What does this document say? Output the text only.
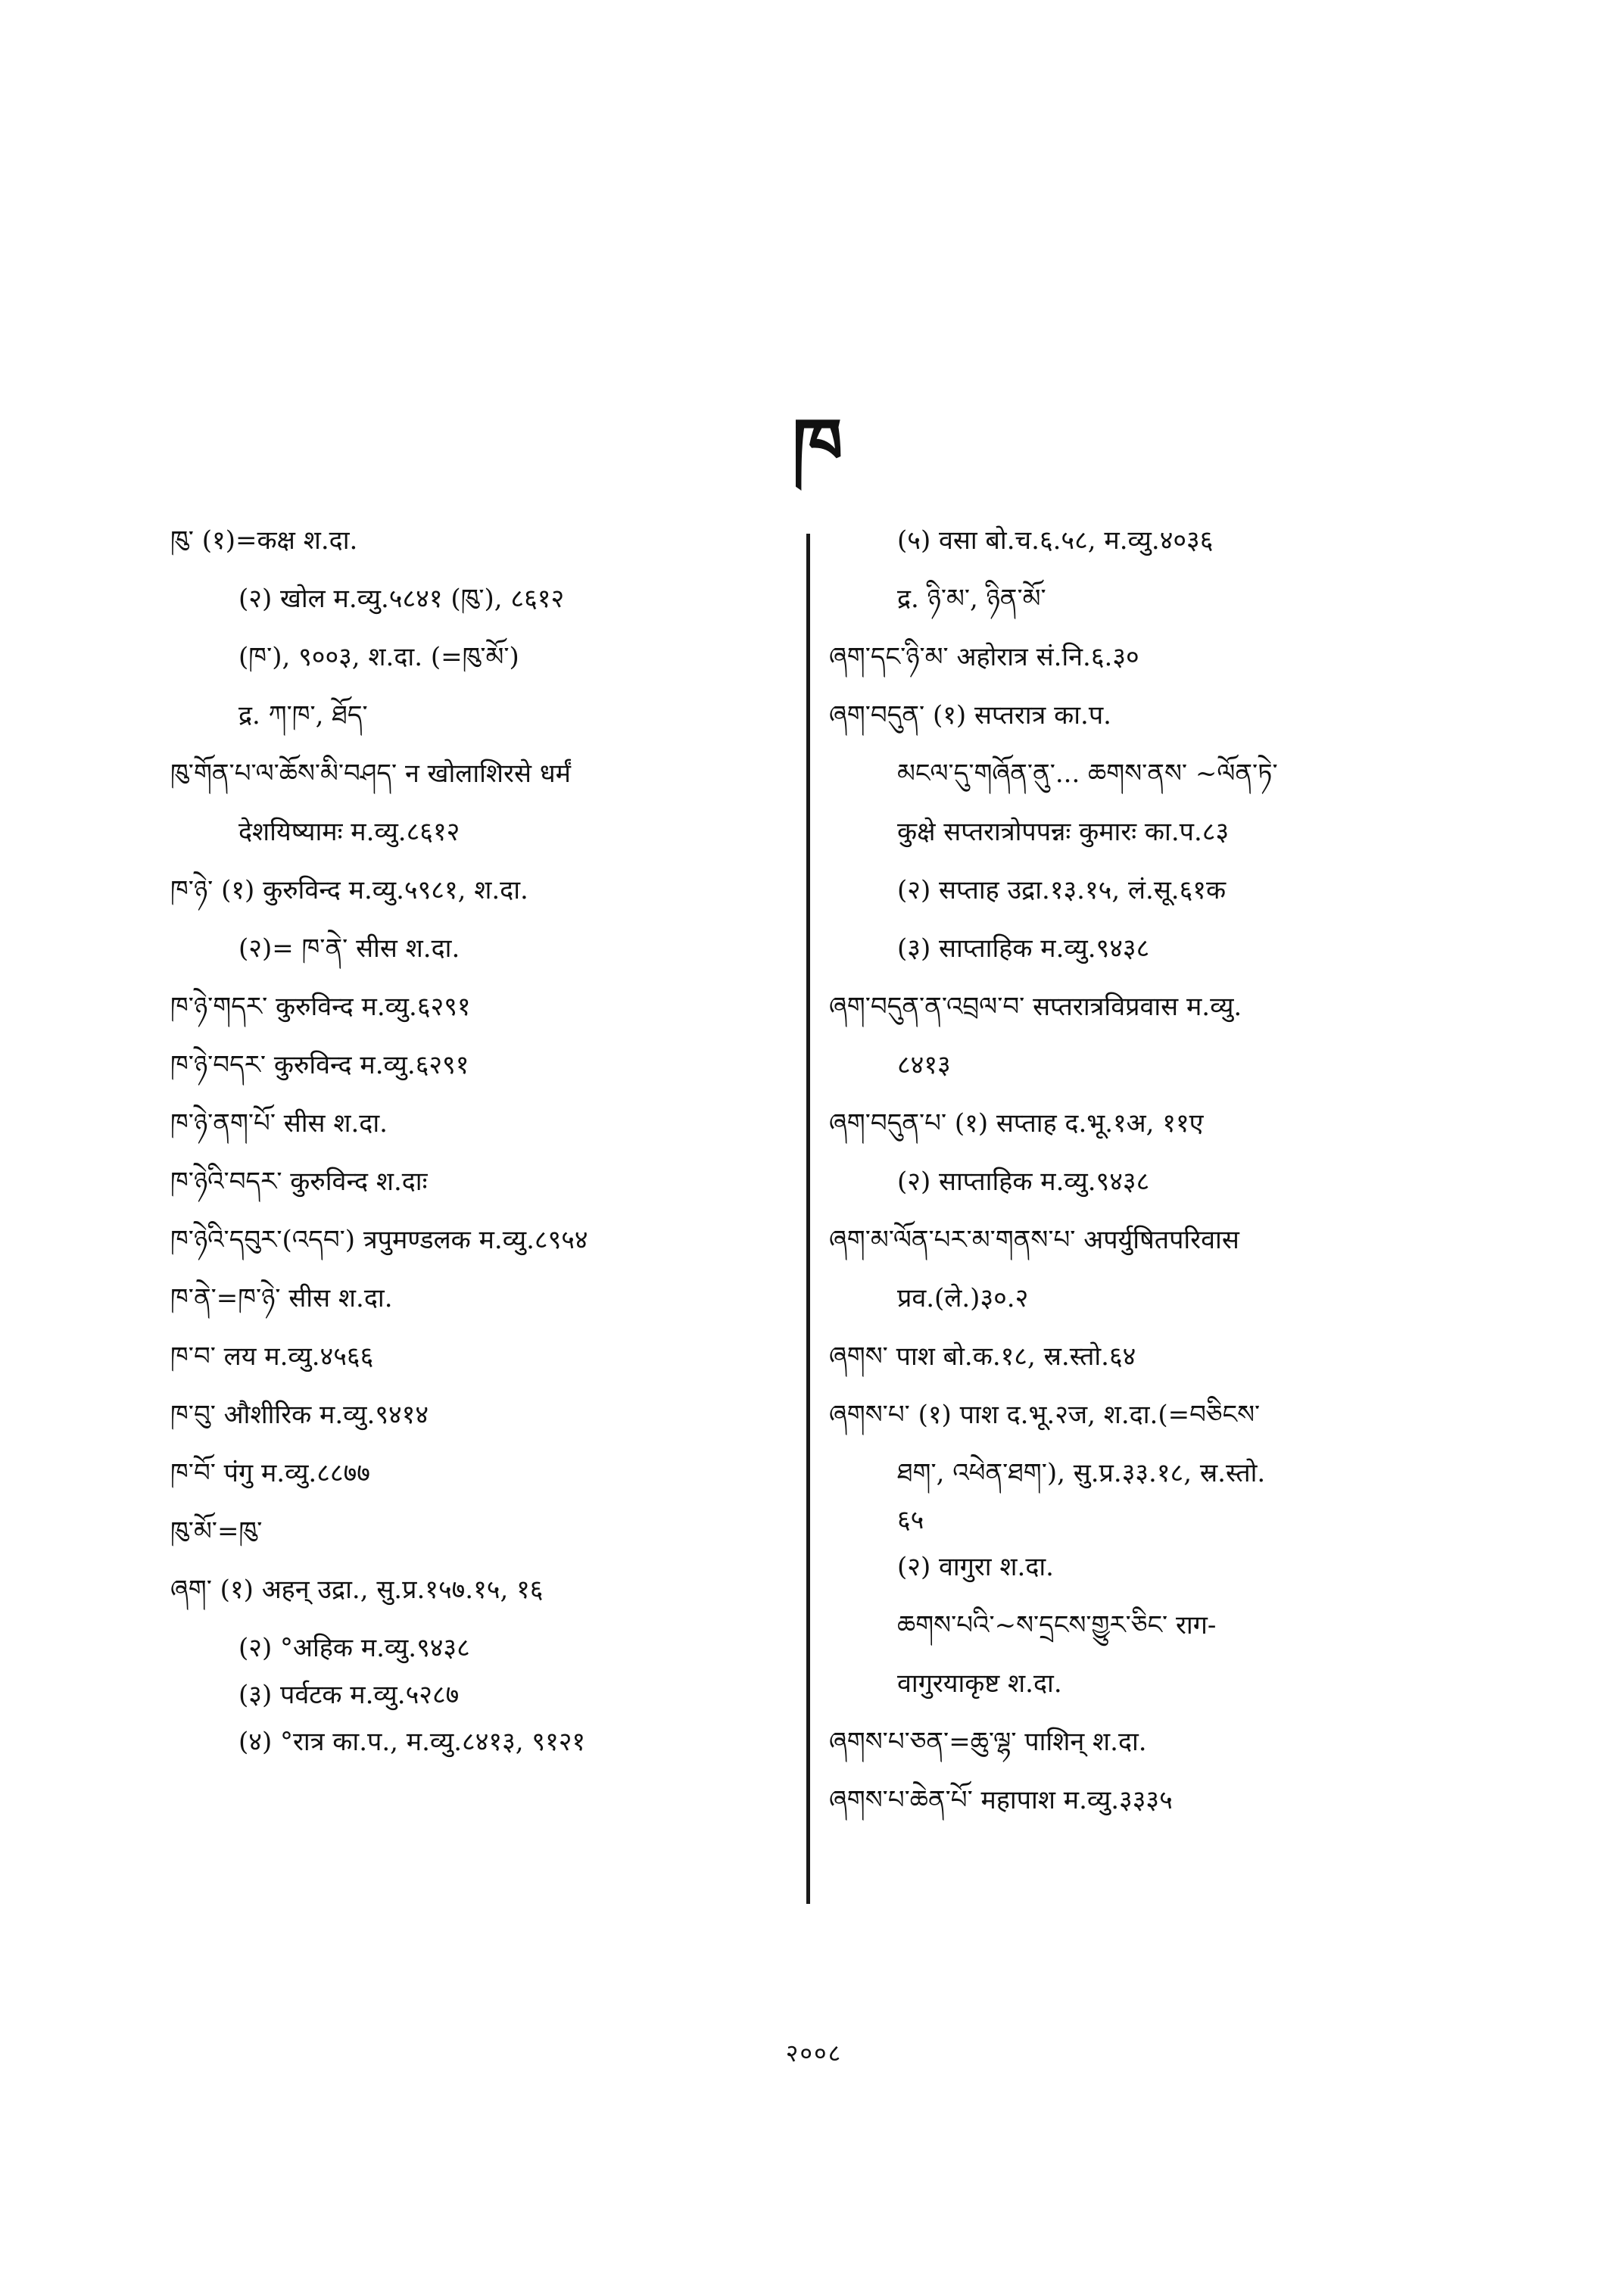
ཁ
ཁུ་ (१)=कक्ष श.दा.
(२) खोल म.व्यु.५८४१ (ཁུ་), ८६१२
(ཁ་), ९००३, श.दा. (=ཁུ་མོ་)
द्र. ཀ་ཁ་, ཐོད་
ཁུ་གོན་པ་ལ་ཆོས་མི་བཤད་ न खोलाशिरसे धर्मं
देशयिष्यामः म.व्यु.८६१२
ཁ་ཉེ་ (१) कुरुविन्द म.व्यु.५९८१, श.दा.
(२)= ཁ་ནེ་ सीस श.दा.
ཁ་ཉེ་གདར་ कुरुविन्द म.व्यु.६२९१
ཁ་ཉེ་བདར་ कुरुविन्द म.व्यु.६२९१
ཁ་ཉེ་ནག་པོ་ सीस श.दा.
ཁ་ཉེའི་བདར་ कुरुविन्द श.दाः
ཁ་ཉེའི་དབུར་(འདབ་) त्रपुमण्डलक म.व्यु.८९५४
ཁ་ནེ་=ཁ་ཉེ་ सीस श.दा.
ཁ་བ་ लय म.व्यु.४५६६
ཁ་བུ་ औशीरिक म.व्यु.९४१४
ཁ་བོ་ पंगु म.व्यु.८८७७
ཁུ་མོ་=ཁུ་
ཞག་ (१) अहन् उद्रा., सु.प्र.१५७.१५, १६
(२) °अहिक म.व्यु.९४३८
(३) पर्वटक म.व्यु.५२८७
(४) °रात्र का.प., म.व्यु.८४१३, ९१२१
(५) वसा बो.च.६.५८, म.व्यु.४०३६
द्र. ཉི་མ་, ཉིན་མོ་
ཞག་དང་ཉི་མ་ अहोरात्र सं.नि.६.३०
ཞག་བདུན་ (१) सप्तरात्र का.प.
མངལ་དུ་གཞོན་ནུ་... ཆགས་ནས་ ~ལོན་ཏེ་
कुक्षे सप्तरात्रोपपन्नः कुमारः का.प.८३
(२) सप्ताह उद्रा.१३.१५, लं.सू.६१क
(३) साप्ताहिक म.व्यु.९४३८
ཞག་བདུན་ན་འབྲལ་བ་ सप्तरात्रविप्रवास म.व्यु.
८४१३
ཞག་བདུན་པ་ (१) सप्ताह द.भू.१अ, ११ए
(२) साप्ताहिक म.व्यु.९४३८
ཞག་མ་ལོན་པར་མ་གནས་པ་ अपर्युषितपरिवास
प्रव.(ले.)३०.२
ཞགས་ पाश बो.क.१८, स्र.स्तो.६४
ཞགས་པ་ (१) पाश द.भू.२ज, श.दा.(=བཅིངས་
ཐག་, འཕེན་ཐག་), सु.प्र.३३.१८, स्र.स्तो.
६५
(२) वागुरा श.दा.
ཆགས་པའི་~ས་དྲངས་གྱུར་ཅིང་ राग-
वागुरयाकृष्ट श.दा.
ཞགས་པ་ཅན་=ཆུ་ལྷ་ पाशिन् श.दा.
ཞགས་པ་ཆེན་པོ་ महापाश म.व्यु.३३३५
२००८
